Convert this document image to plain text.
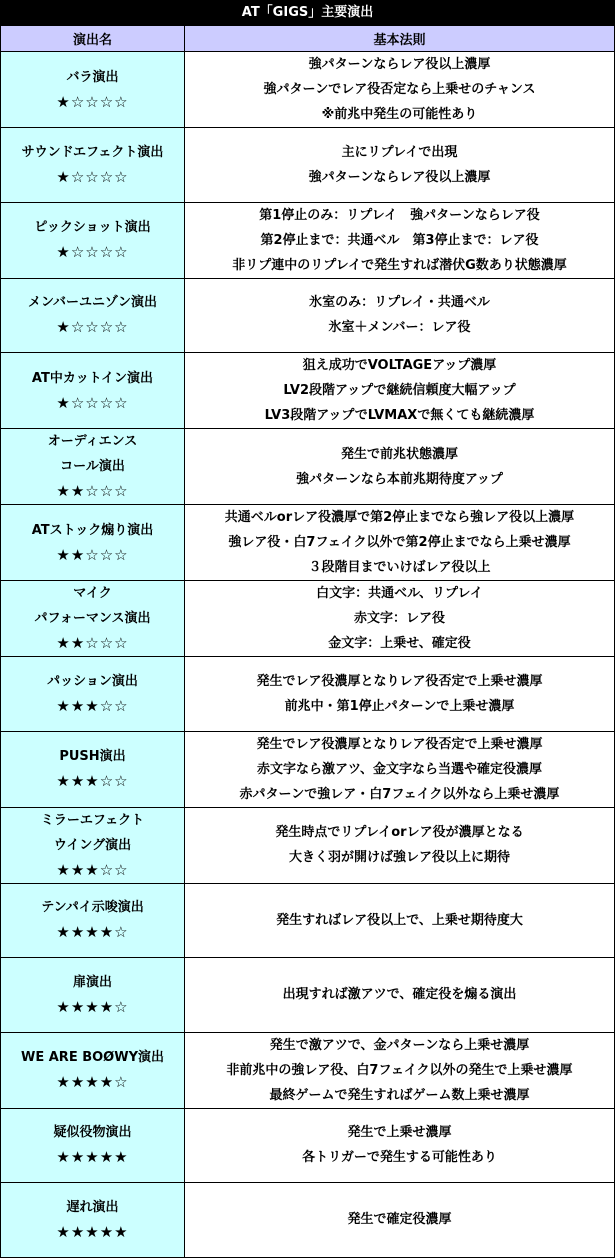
AT「GIGS」主要演出
演出名	基本法則

バラ演出
★☆☆☆☆	強パターンならレア役以上濃厚
強パターンでレア役否定なら上乗せのチャンス
※前兆中発生の可能性あり

サウンドエフェクト演出
★☆☆☆☆	主にリプレイで出現
強パターンならレア役以上濃厚

ピックショット演出
★☆☆☆☆	第1停止のみ：リプレイ　強パターンならレア役
第2停止まで：共通ベル　第3停止まで：レア役
非リプ連中のリプレイで発生すれば潜伏G数あり状態濃厚

メンバーユニゾン演出
★☆☆☆☆	氷室のみ：リプレイ・共通ベル
氷室＋メンバー：レア役

AT中カットイン演出
★☆☆☆☆	狙え成功でVOLTAGEアップ濃厚
LV2段階アップで継続信頼度大幅アップ
LV3段階アップでLVMAXで無くても継続濃厚

オーディエンス
コール演出
★★☆☆☆	発生で前兆状態濃厚
強パターンなら本前兆期待度アップ

ATストック煽り演出
★★☆☆☆	共通ベルorレア役濃厚で第2停止までなら強レア役以上濃厚
強レア役・白7フェイク以外で第2停止までなら上乗せ濃厚
３段階目までいけばレア役以上

マイク
パフォーマンス演出
★★☆☆☆	白文字：共通ベル、リプレイ
赤文字：レア役
金文字：上乗せ、確定役

パッション演出
★★★☆☆	発生でレア役濃厚となりレア役否定で上乗せ濃厚
前兆中・第1停止パターンで上乗せ濃厚

PUSH演出
★★★☆☆	発生でレア役濃厚となりレア役否定で上乗せ濃厚
赤文字なら激アツ、金文字なら当選や確定役濃厚
赤パターンで強レア・白7フェイク以外なら上乗せ濃厚

ミラーエフェクト
ウイング演出
★★★☆☆	発生時点でリプレイorレア役が濃厚となる
大きく羽が開けば強レア役以上に期待

テンパイ示唆演出
★★★★☆	発生すればレア役以上で、上乗せ期待度大

扉演出
★★★★☆	出現すれば激アツで、確定役を煽る演出

WE ARE BOØWY演出
★★★★☆	発生で激アツで、金パターンなら上乗せ濃厚
非前兆中の強レア役、白7フェイク以外の発生で上乗せ濃厚
最終ゲームで発生すればゲーム数上乗せ濃厚

疑似役物演出
★★★★★	発生で上乗せ濃厚
各トリガーで発生する可能性あり

遅れ演出
★★★★★	発生で確定役濃厚
